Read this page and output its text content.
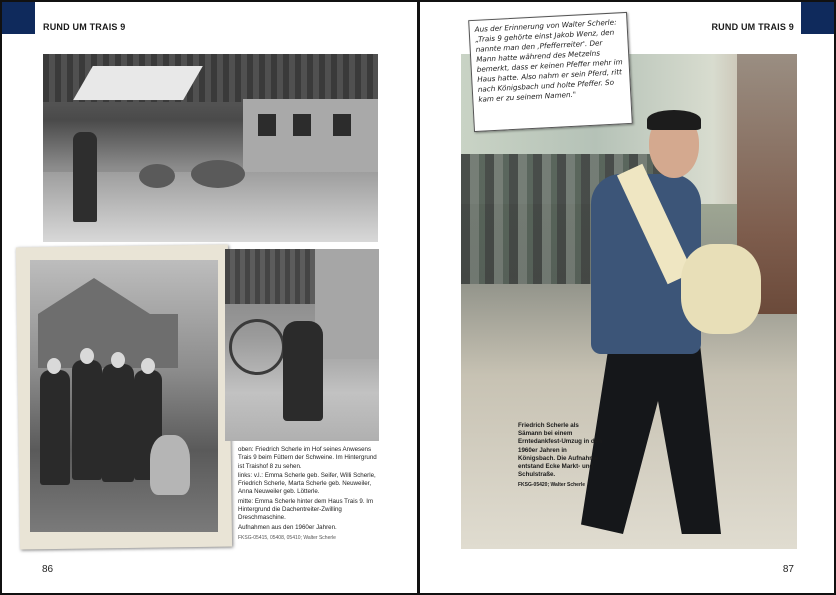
RUND UM TRAIS 9

oben: Friedrich Scherle im Hof seines Anwesens Trais 9 beim Füttern der Schweine. Im Hintergrund ist Traishof 8 zu sehen.

links: v.l.: Emma Scherle geb. Seifer, Willi Scherle, Friedrich Scherle, Marta Scherle geb. Neuweiler, Anna Neuweiler geb. Lötterle.

mitte: Emma Scherle hinter dem Haus Trais 9. Im Hintergrund die Dachentreiter-Zwilling Dreschmaschine.

Aufnahmen aus den 1960er Jahren.

FKSG-05415, 05408, 05410; Walter Scherle

86
RUND UM TRAIS 9
Friedrich Scherle als Sämann bei einem Erntedankfest-Umzug in den 1960er Jahren in Königsbach. Die Aufnahme entstand Ecke Markt- und Schulstraße.
FKSG-05420; Walter Scherle
Aus der Erinnerung von Walter Scherle: „Trais 9 gehörte einst Jakob Wenz, den nannte man den ‚Pfefferreiter'. Der Mann hatte während des Metzelns bemerkt, dass er keinen Pfeffer mehr im Haus hatte. Also nahm er sein Pferd, ritt nach Königsbach und holte Pfeffer. So kam er zu seinem Namen."
87
